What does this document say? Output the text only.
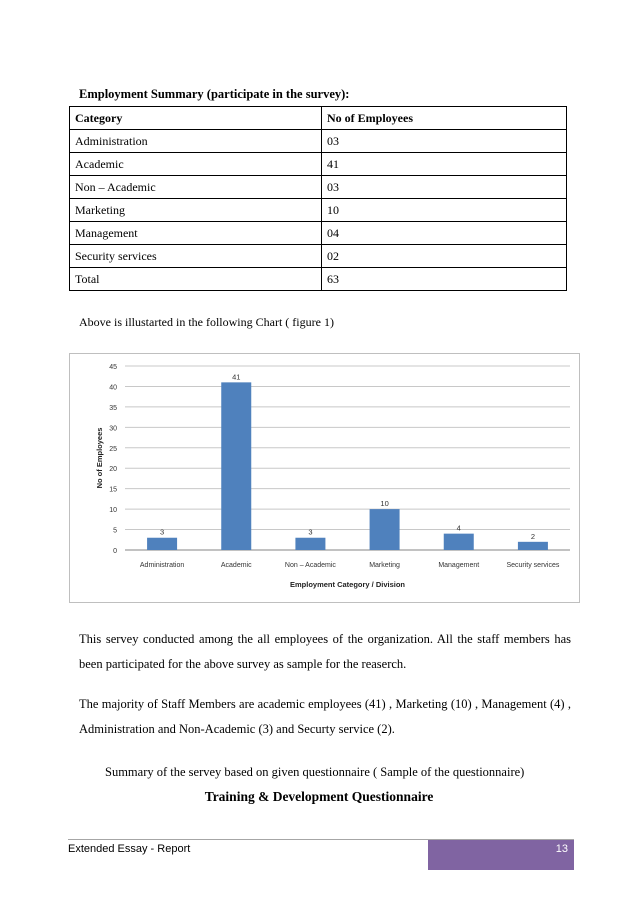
Employment Summary (participate in the survey):
Category	No of Employees
Administration	03
Academic	41
Non – Academic	03
Marketing	10
Management	04
Security services	02
Total	63
Above is illustarted in the following Chart ( figure 1)
0
5
10
15
20
25
30
35
40
45
3
Administration
41
Academic
3
Non – Academic
10
Marketing
4
Management
2
Security services
Employment Category / Division
No of Employees
This servey conducted among the all employees of the organization. All the staff members has been participated for the above survey as sample for the reaserch.
The majority of Staff Members are academic employees (41) , Marketing (10) , Management (4) , Administration and Non-Academic (3) and Securty service (2).
Summary of the servey based on given questionnaire ( Sample of the questionnaire)
Training & Development Questionnaire
Extended Essay - Report	13
